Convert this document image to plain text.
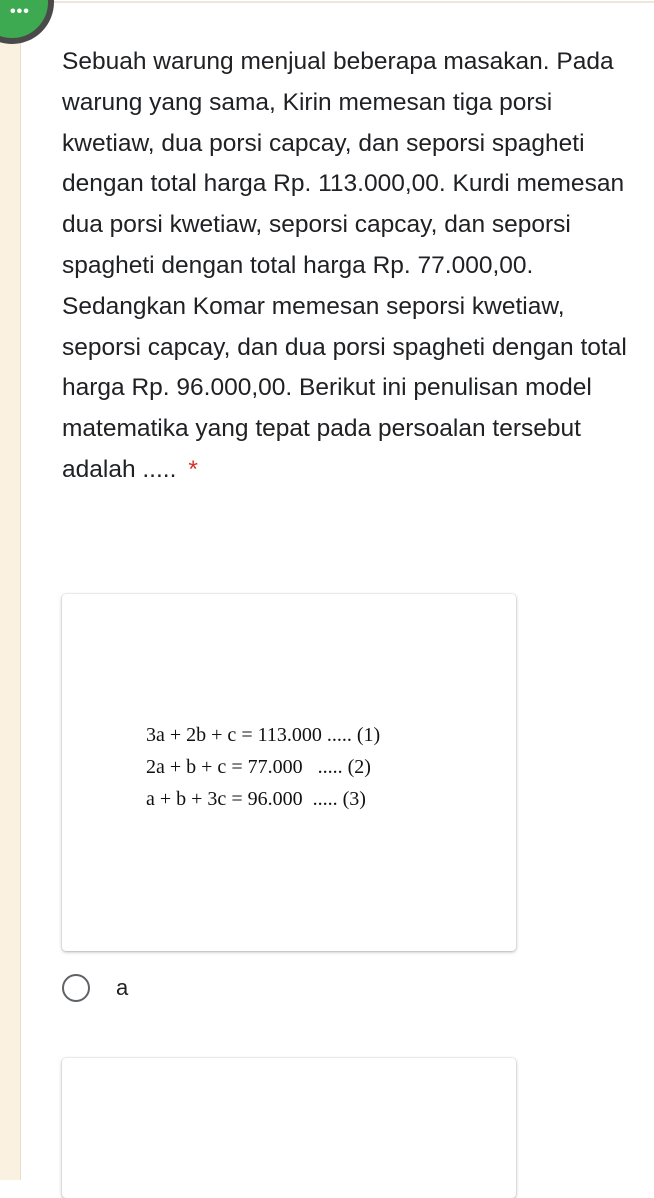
•••
Sebuah warung menjual beberapa masakan. Pada warung yang sama, Kirin memesan tiga porsi kwetiaw, dua porsi capcay, dan seporsi spagheti dengan total harga Rp. 113.000,00. Kurdi memesan dua porsi kwetiaw, seporsi capcay, dan seporsi spagheti dengan total harga Rp. 77.000,00. Sedangkan Komar memesan seporsi kwetiaw, seporsi capcay, dan dua porsi spagheti dengan total harga Rp. 96.000,00. Berikut ini penulisan model matematika yang tepat pada persoalan tersebut adalah ..... *
3a + 2b + c = 113.000 ..... (1)
2a + b + c = 77.000   ..... (2)
a + b + 3c = 96.000  ..... (3)
a
